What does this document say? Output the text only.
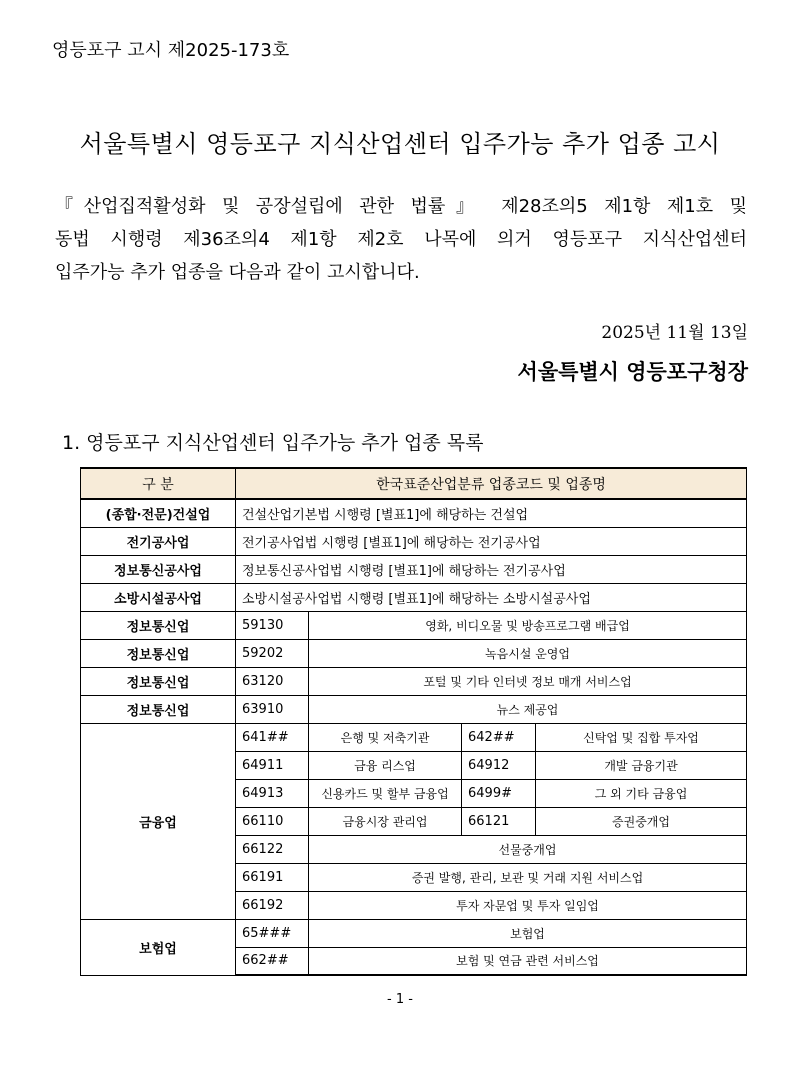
영등포구 고시 제2025-173호
서울특별시 영등포구 지식산업센터 입주가능 추가 업종 고시
『산업집적활성화 및 공장설립에 관한 법률』 제28조의5 제1항 제1호 및
동법 시행령 제36조의4 제1항 제2호 나목에 의거 영등포구 지식산업센터
입주가능 추가 업종을 다음과 같이 고시합니다.
2025년 11월 13일
서울특별시 영등포구청장
1. 영등포구 지식산업센터 입주가능 추가 업종 목록
구 분	한국표준산업분류 업종코드 및 업종명			
(종합·전문)건설업	건설산업기본법 시행령 [별표1]에 해당하는 건설업			
전기공사업	전기공사업법 시행령 [별표1]에 해당하는 전기공사업			
정보통신공사업	정보통신공사업법 시행령 [별표1]에 해당하는 전기공사업			
소방시설공사업	소방시설공사업법 시행령 [별표1]에 해당하는 소방시설공사업			
정보통신업	59130	영화, 비디오물 및 방송프로그램 배급업		
정보통신업	59202	녹음시설 운영업		
정보통신업	63120	포털 및 기타 인터넷 정보 매개 서비스업		
정보통신업	63910	뉴스 제공업		
금융업	641##	은행 및 저축기관	642##	신탁업 및 집합 투자업
	64911	금융 리스업	64912	개발 금융기관
	64913	신용카드 및 할부 금융업	6499#	그 외 기타 금융업
	66110	금융시장 관리업	66121	증권중개업
	66122	선물중개업		
	66191	증권 발행, 관리, 보관 및 거래 지원 서비스업		
	66192	투자 자문업 및 투자 일임업		
보험업	65###	보험업		
	662##	보험 및 연금 관련 서비스업		
- 1 -
